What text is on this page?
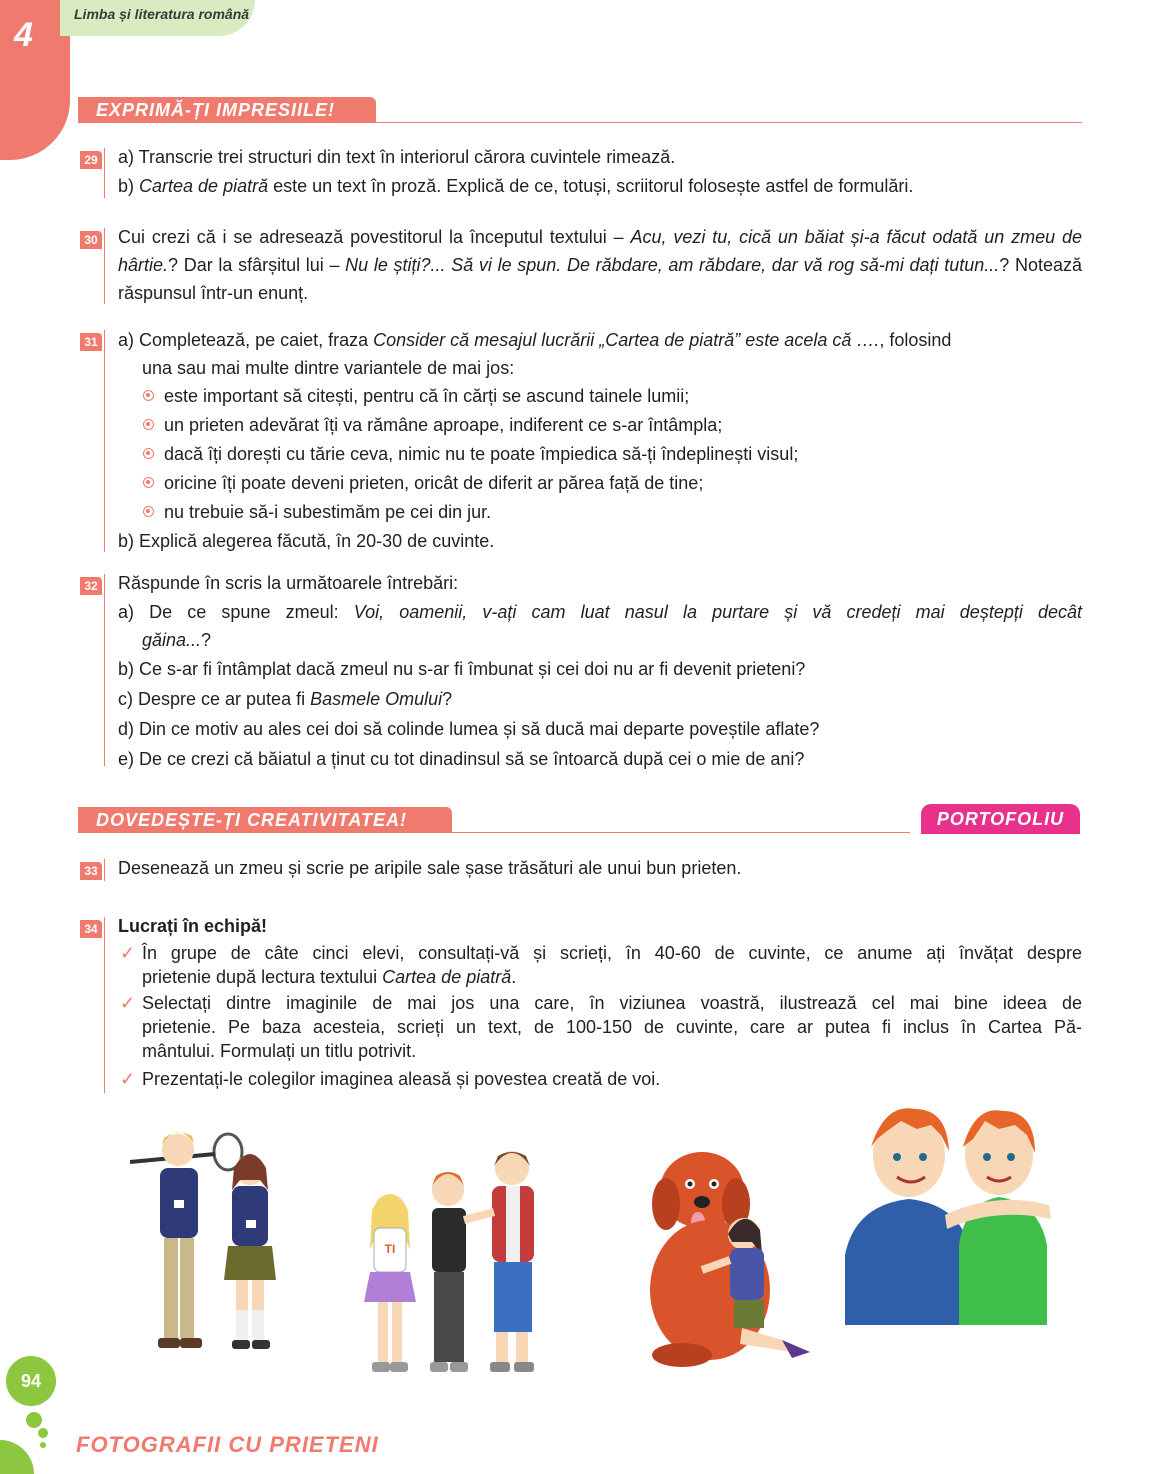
4
Limba și literatura română
EXPRIMĂ-ȚI IMPRESIILE!
29 a) Transcrie trei structuri din text în interiorul cărora cuvintele rimează.
b) Cartea de piatră este un text în proză. Explică de ce, totuși, scriitorul folosește astfel de formulări.
30 Cui crezi că i se adresează povestitorul la începutul textului – Acu, vezi tu, cică un băiat și-a făcut odată un zmeu de hârtie.? Dar la sfârșitul lui – Nu le știți?... Să vi le spun. De răbdare, am răbdare, dar vă rog să-mi dați tutun...? Notează răspunsul într-un enunț.
31 a) Completează, pe caiet, fraza Consider că mesajul lucrării „Cartea de piatră” este acela că …., folosind
una sau mai multe dintre variantele de mai jos:
este important să citești, pentru că în cărți se ascund tainele lumii;
un prieten adevărat îți va rămâne aproape, indiferent ce s-ar întâmpla;
dacă îți dorești cu tărie ceva, nimic nu te poate împiedica să-ți îndeplinești visul;
oricine îți poate deveni prieten, oricât de diferit ar părea față de tine;
nu trebuie să-i subestimăm pe cei din jur.
b) Explică alegerea făcută, în 20-30 de cuvinte.
32 Răspunde în scris la următoarele întrebări:
a) De ce spune zmeul: Voi, oamenii, v-ați cam luat nasul la purtare și vă credeți mai deștepți decât
găina...?
b) Ce s-ar fi întâmplat dacă zmeul nu s-ar fi îmbunat și cei doi nu ar fi devenit prieteni?
c) Despre ce ar putea fi Basmele Omului?
d) Din ce motiv au ales cei doi să colinde lumea și să ducă mai departe poveștile aflate?
e) De ce crezi că băiatul a ținut cu tot dinadinsul să se întoarcă după cei o mie de ani?
DOVEDEȘTE-ȚI CREATIVITATEA!	PORTOFOLIU
33 Desenează un zmeu și scrie pe aripile sale șase trăsături ale unui bun prieten.
34 Lucrați în echipă!
✓ În grupe de câte cinci elevi, consultați-vă și scrieți, în 40-60 de cuvinte, ce anume ați învățat despre
prietenie după lectura textului Cartea de piatră.
✓ Selectați dintre imaginile de mai jos una care, în viziunea voastră, ilustrează cel mai bine ideea de
prietenie. Pe baza acesteia, scrieți un text, de 100-150 de cuvinte, care ar putea fi inclus în Cartea Pă-
mântului. Formulați un titlu potrivit.
✓ Prezentați-le colegilor imaginea aleasă și povestea creată de voi.
TI
94
FOTOGRAFII CU PRIETENI
